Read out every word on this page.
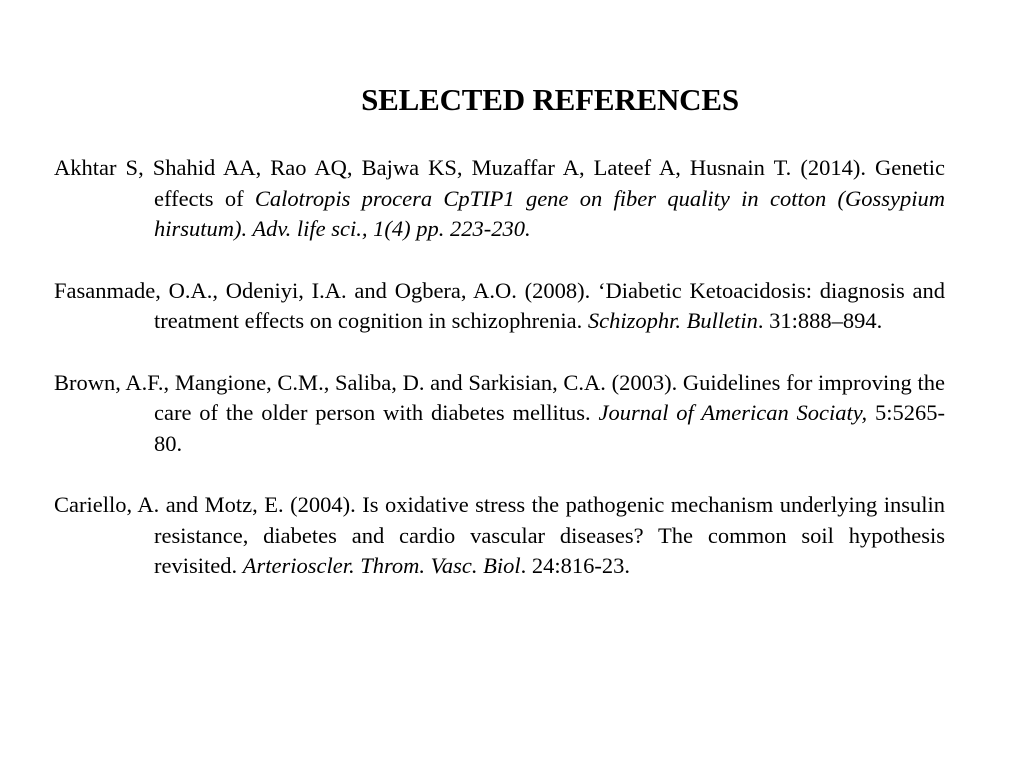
SELECTED REFERENCES

Akhtar S, Shahid AA, Rao AQ, Bajwa KS, Muzaffar A, Lateef A, Husnain T. (2014). Genetic effects of Calotropis procera CpTIP1 gene on fiber quality in cotton (Gossypium hirsutum). Adv. life sci., 1(4) pp. 223-230.

Fasanmade, O.A., Odeniyi, I.A. and Ogbera, A.O. (2008). ‘Diabetic Ketoacidosis: diagnosis and treatment effects on cognition in schizophrenia. Schizophr. Bulletin. 31:888–894.

Brown, A.F., Mangione, C.M., Saliba, D. and Sarkisian, C.A. (2003). Guidelines for improving the care of the older person with diabetes mellitus. Journal of American Sociaty, 5:5265-80.

Cariello, A. and Motz, E. (2004). Is oxidative stress the pathogenic mechanism underlying insulin resistance, diabetes and cardio vascular diseases? The common soil hypothesis revisited. Arterioscler. Throm. Vasc. Biol. 24:816-23.
